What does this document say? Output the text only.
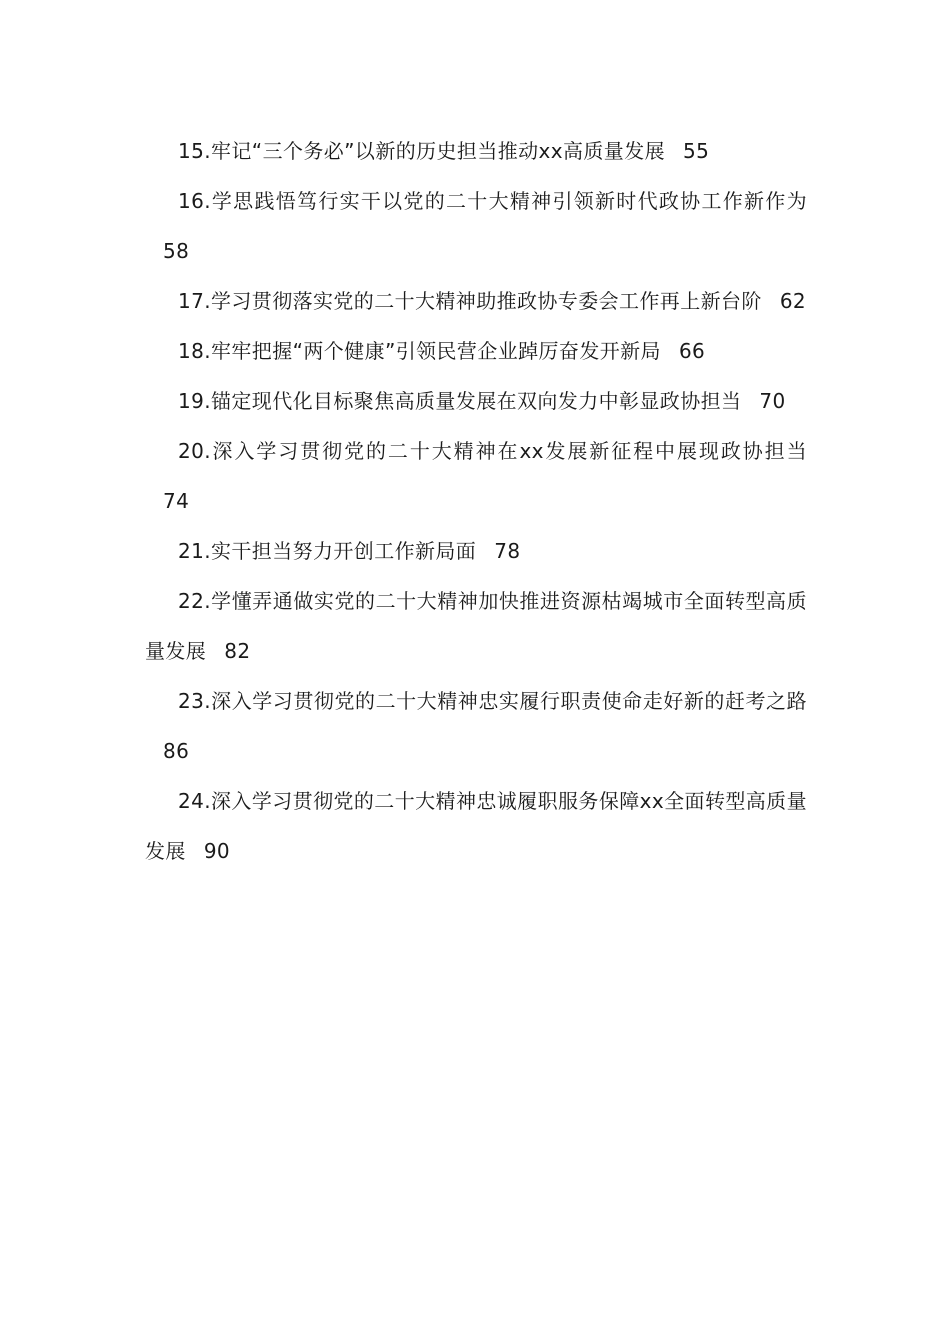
15.牢记“三个务必”以新的历史担当推动xx高质量发展 55

16.学思践悟笃行实干以党的二十大精神引领新时代政协工作新作为58

17.学习贯彻落实党的二十大精神助推政协专委会工作再上新台阶 62

18.牢牢把握“两个健康”引领民营企业踔厉奋发开新局 66

19.锚定现代化目标聚焦高质量发展在双向发力中彰显政协担当 70

20.深入学习贯彻党的二十大精神在xx发展新征程中展现政协担当74

21.实干担当努力开创工作新局面 78

22.学懂弄通做实党的二十大精神加快推进资源枯竭城市全面转型高质量发展 82

23.深入学习贯彻党的二十大精神忠实履行职责使命走好新的赶考之路86

24.深入学习贯彻党的二十大精神忠诚履职服务保障xx全面转型高质量发展 90
